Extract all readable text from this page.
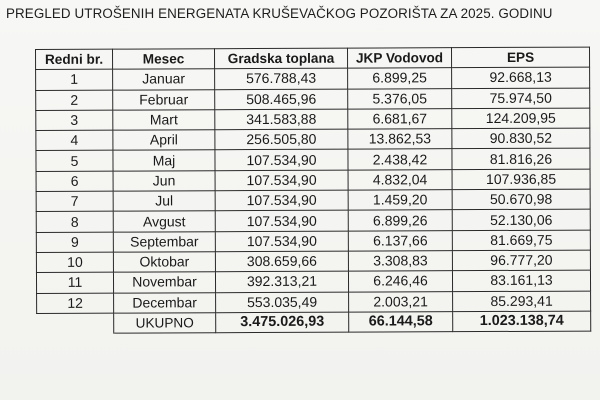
PREGLED UTROŠENIH ENERGENATA KRUŠEVAČKOG POZORIŠTA ZA 2025. GODINU
Redni br.	Mesec	Gradska toplana	JKP Vodovod	EPS
1	Januar	576.788,43	6.899,25	92.668,13
2	Februar	508.465,96	5.376,05	75.974,50
3	Mart	341.583,88	6.681,67	124.209,95
4	April	256.505,80	13.862,53	90.830,52
5	Maj	107.534,90	2.438,42	81.816,26
6	Jun	107.534,90	4.832,04	107.936,85
7	Jul	107.534,90	1.459,20	50.670,98
8	Avgust	107.534,90	6.899,26	52.130,06
9	Septembar	107.534,90	6.137,66	81.669,75
10	Oktobar	308.659,66	3.308,83	96.777,20
11	Novembar	392.313,21	6.246,46	83.161,13
12	Decembar	553.035,49	2.003,21	85.293,41
	UKUPNO	3.475.026,93	66.144,58	1.023.138,74
